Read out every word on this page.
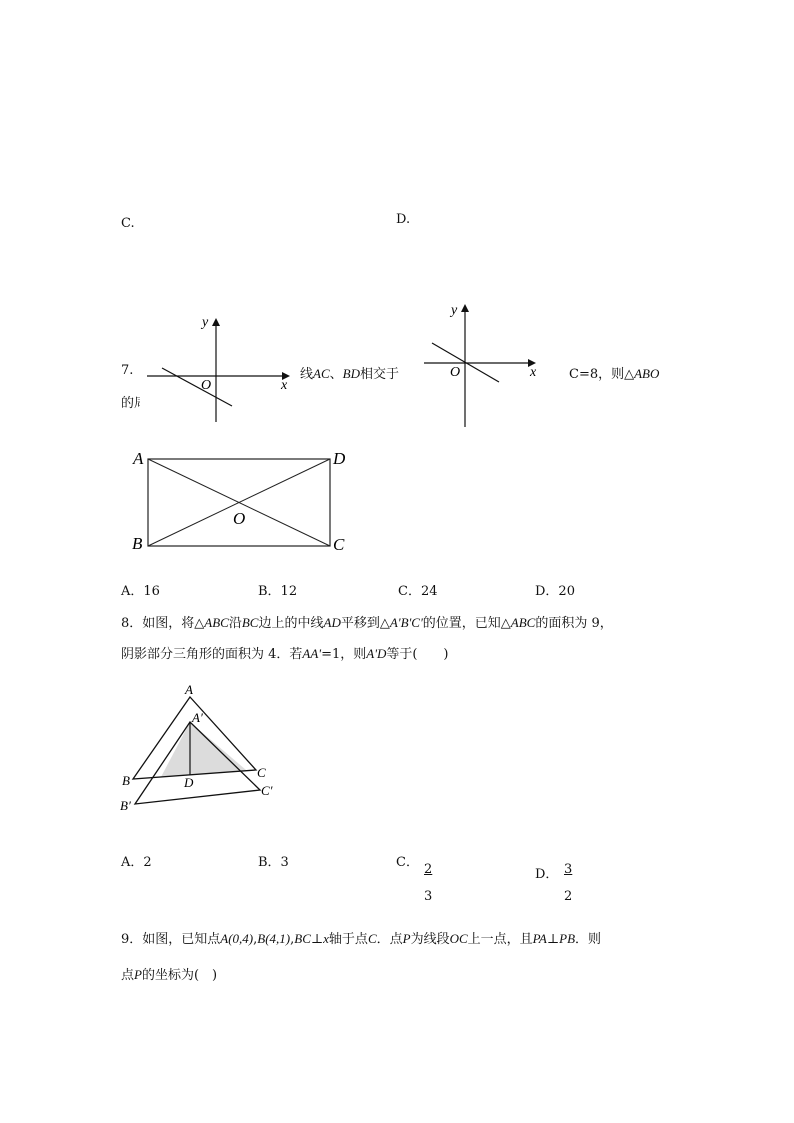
C.	D.
7.	线AC、BD相交于	C=8，则△ABO
的周
x
y
O
x
y
O
A	D
B	C
O
A．16	B．12	C．24	D．20
8．如图，将△ABC沿BC边上的中线AD平移到△A'B'C'的位置，已知△ABC的面积为 9，
阴影部分三角形的面积为 4．若AA'=1，则A'D等于(　　)
A
A′
B
B′
C
C′
D
A．2	B．3	C． 2
3
D． 3
2
9．如图，已知点A(0,4),B(4,1),BC⊥x轴于点C．点P为线段OC上一点，且PA⊥PB．则
点P的坐标为(　)
